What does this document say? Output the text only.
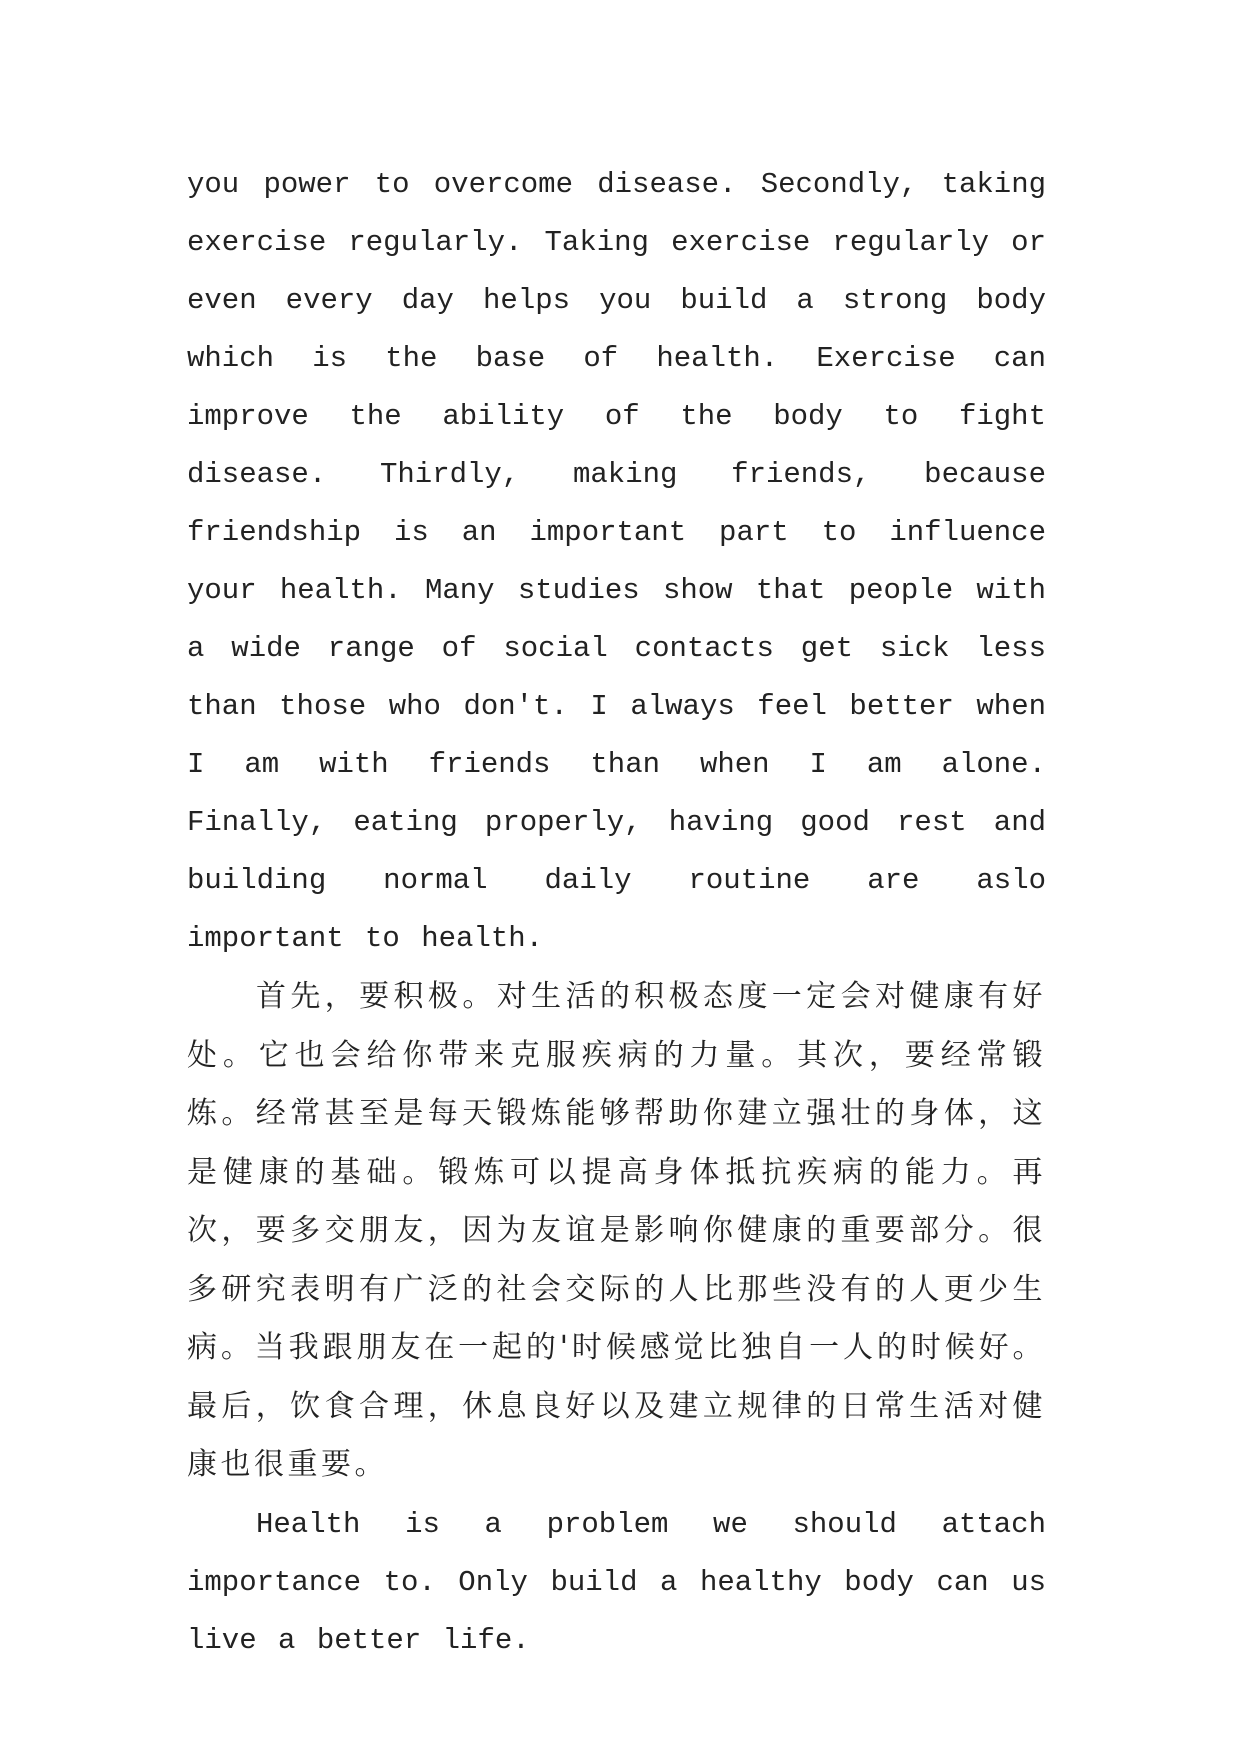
you power to overcome disease. Secondly, taking exercise regularly. Taking exercise regularly or even every day helps you build a strong body which is the base of health. Exercise can improve the ability of the body to fight disease. Thirdly, making friends, because friendship is an important part to influence your health. Many studies show that people with a wide range of social contacts get sick less than those who don't. I always feel better when I am with friends than when I am alone. Finally, eating properly, having good rest and building normal daily routine are aslo important to health.

首先，要积极。对生活的积极态度一定会对健康有好处。它也会给你带来克服疾病的力量。其次，要经常锻炼。经常甚至是每天锻炼能够帮助你建立强壮的身体，这是健康的基础。锻炼可以提高身体抵抗疾病的能力。再次，要多交朋友，因为友谊是影响你健康的重要部分。很多研究表明有广泛的社会交际的人比那些没有的人更少生病。当我跟朋友在一起的'时候感觉比独自一人的时候好。最后，饮食合理，休息良好以及建立规律的日常生活对健康也很重要。

Health is a problem we should attach importance to. Only build a healthy body can us live a better life.
